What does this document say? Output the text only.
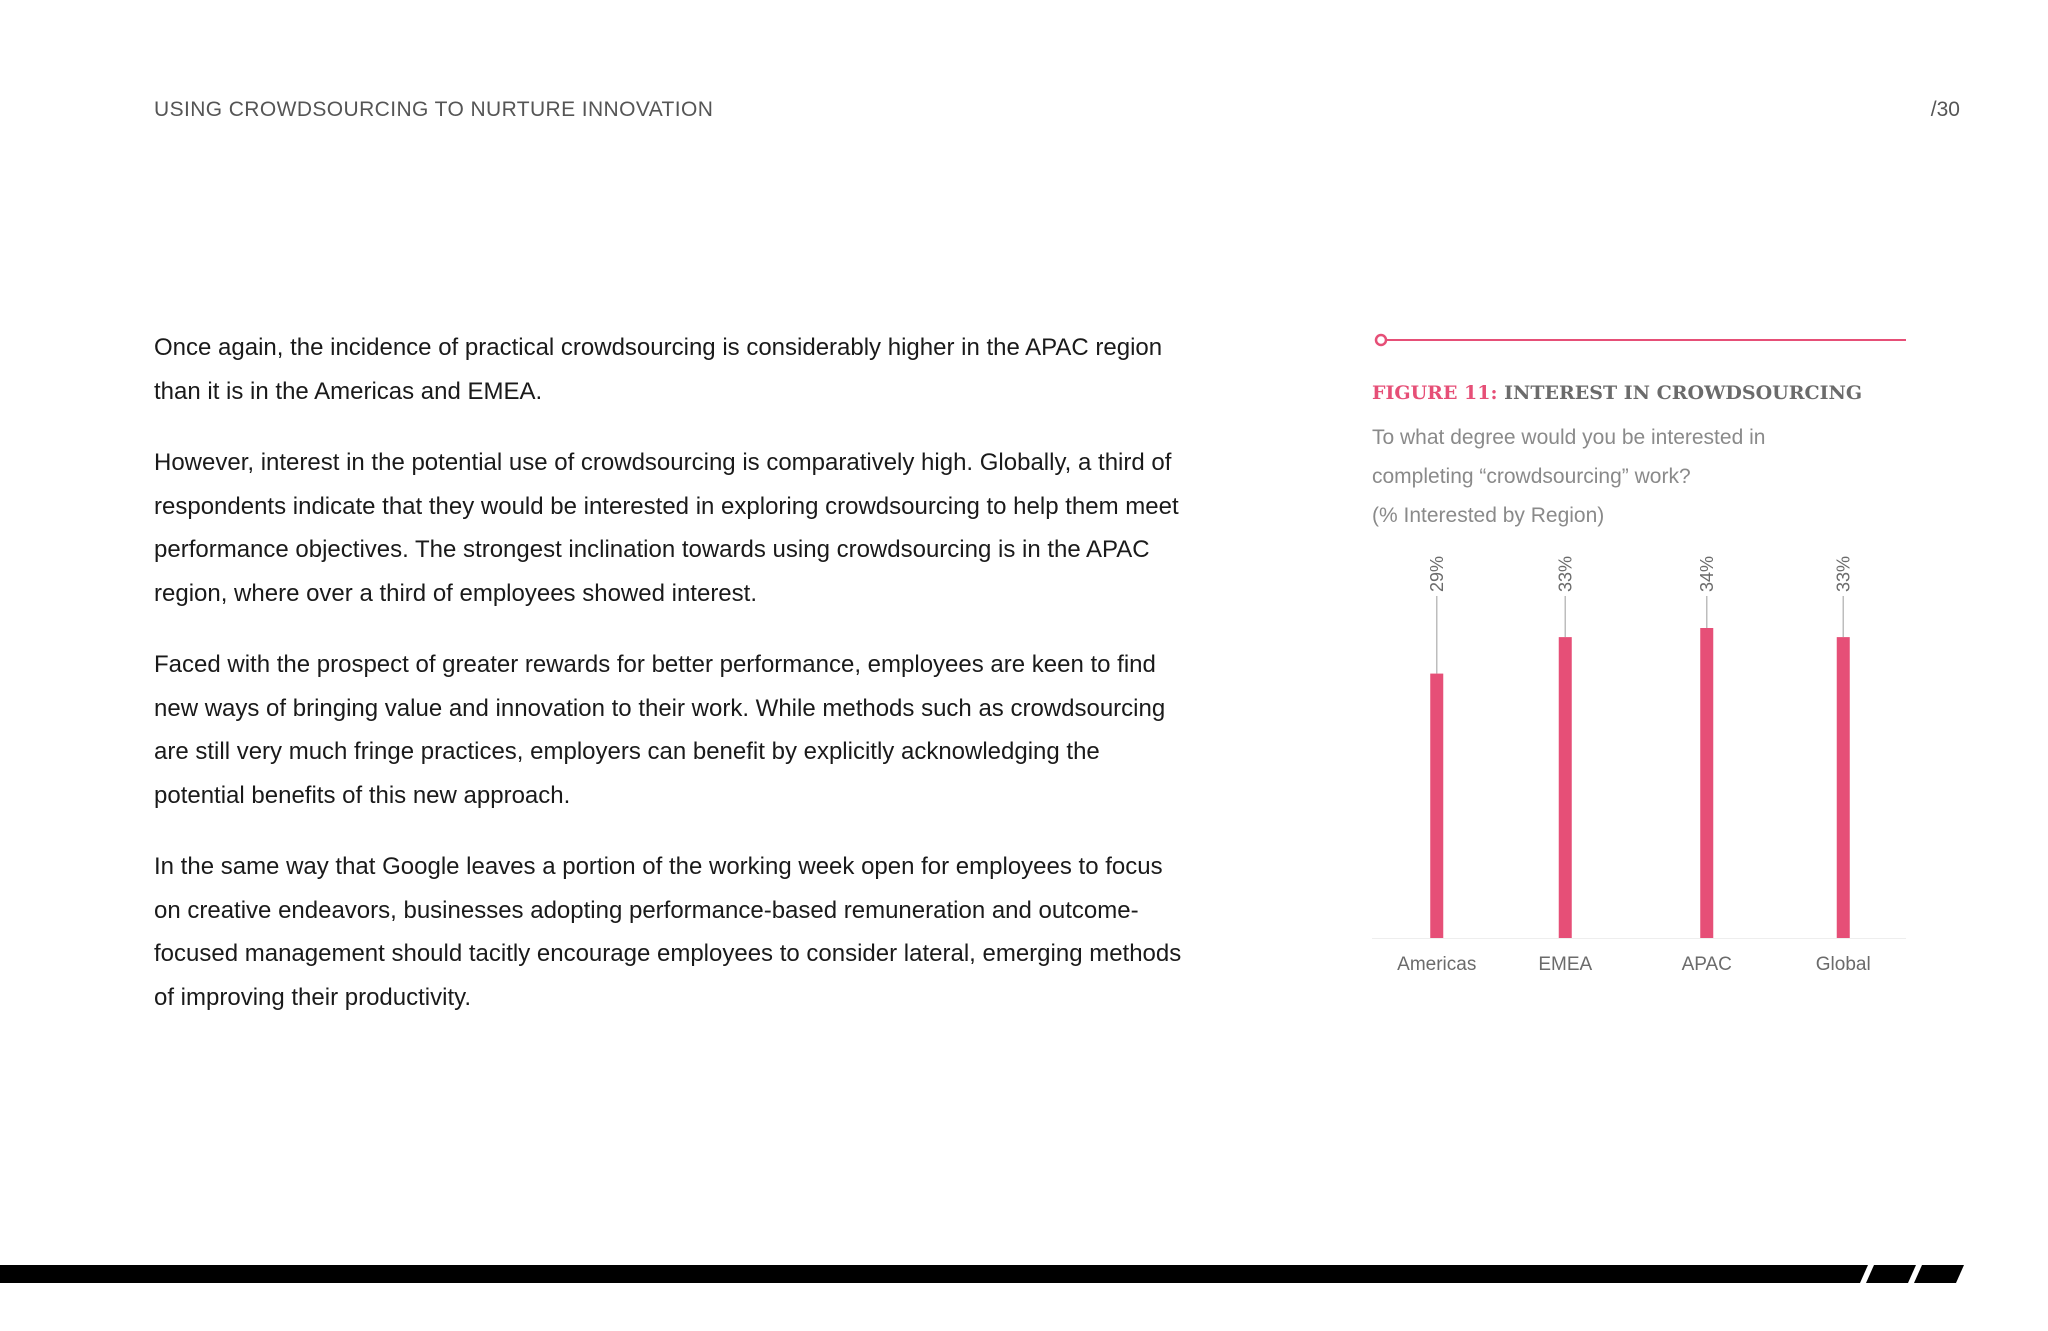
USING CROWDSOURCING TO NURTURE INNOVATION	/30

Once again, the incidence of practical crowdsourcing is considerably higher in the APAC region than it is in the Americas and EMEA.

However, interest in the potential use of crowdsourcing is comparatively high. Globally, a third of respondents indicate that they would be interested in exploring crowdsourcing to help them meet performance objectives. The strongest inclination towards using crowdsourcing is in the APAC region, where over a third of employees showed interest.

Faced with the prospect of greater rewards for better performance, employees are keen to find new ways of bringing value and innovation to their work. While methods such as crowdsourcing are still very much fringe practices, employers can benefit by explicitly acknowledging the potential benefits of this new approach.

In the same way that Google leaves a portion of the working week open for employees to focus on creative endeavors, businesses adopting performance-based remuneration and outcome-focused management should tacitly encourage employees to consider lateral, emerging methods of improving their productivity.

FIGURE 11: INTEREST IN CROWDSOURCING
To what degree would you be interested in
completing “crowdsourcing” work?
(% Interested by Region)
29%
Americas
33%
EMEA
34%
APAC
33%
Global
